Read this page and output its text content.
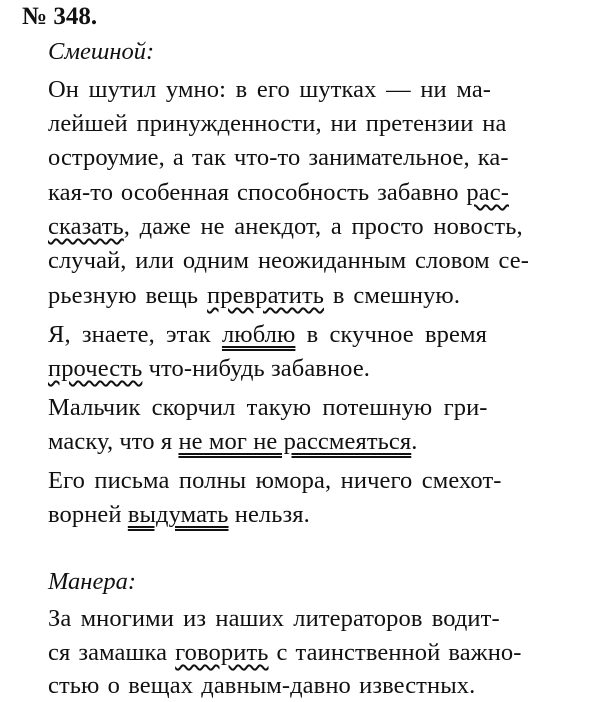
№ 348.
Смешной:
Он шутил умно: в его шутках — ни ма-
лейшей принужденности, ни претензии на
остроумие, а так что-то занимательное, ка-
кая-то особенная способность забавно рас-
сказать, даже не анекдот, а просто новость,
случай, или одним неожиданным словом се-
рьезную вещь превратить в смешную.
Я, знаете, этак люблю в скучное время
прочесть что-нибудь забавное.
Мальчик скорчил такую потешную гри-
маску, что я не мог не рассмеяться.
Его письма полны юмора, ничего смехот-
ворней выдумать нельзя.
Манера:
За многими из наших литераторов водит-
ся замашка говорить с таинственной важно-
стью о вещах давным-давно известных.
